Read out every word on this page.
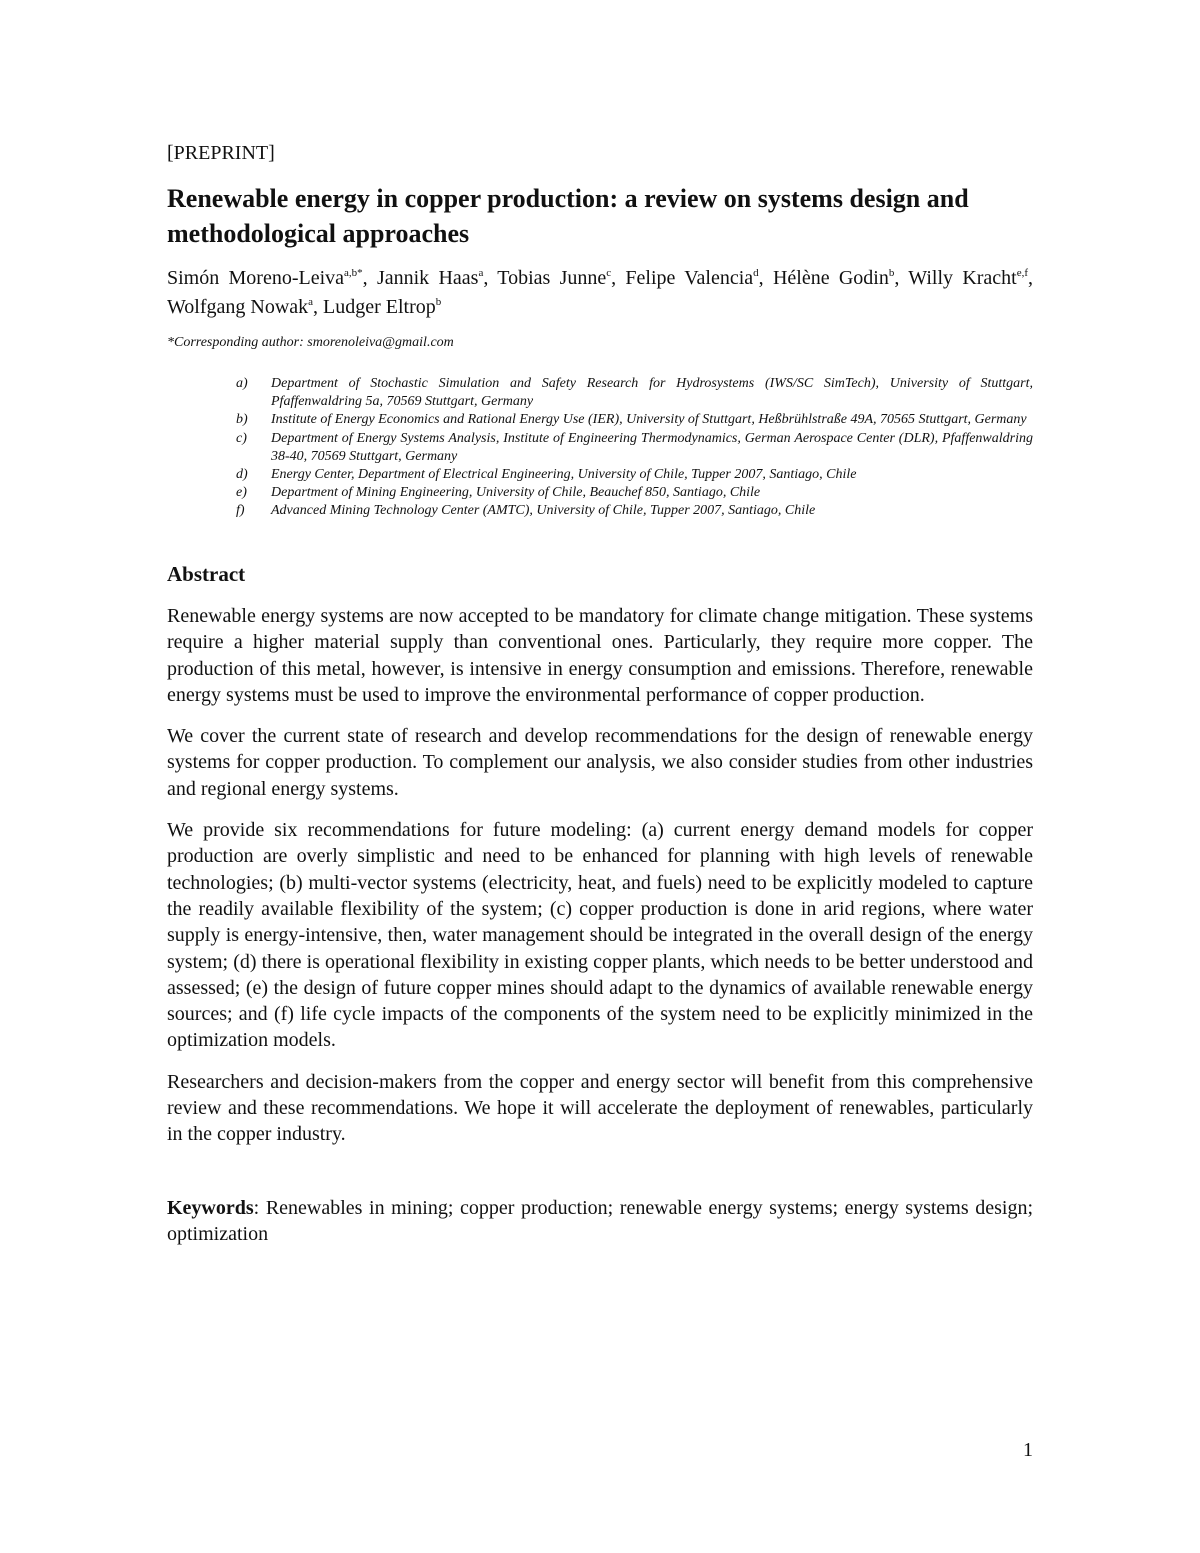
[PREPRINT]
Renewable energy in copper production: a review on systems design and methodological approaches
Simón Moreno-Leiva$^{a,b*}$, Jannik Haas$^a$, Tobias Junne$^c$, Felipe Valencia$^d$, Hélène Godin$^b$, Willy Kracht$^{e,f}$, Wolfgang Nowak$^a$, Ludger Eltrop$^b$
*Corresponding author: smorenoleiva@gmail.com
a) Department of Stochastic Simulation and Safety Research for Hydrosystems (IWS/SC SimTech), University of Stuttgart, Pfaffenwaldring 5a, 70569 Stuttgart, Germany
b) Institute of Energy Economics and Rational Energy Use (IER), University of Stuttgart, Heßbrühlstraße 49A, 70565 Stuttgart, Germany
c) Department of Energy Systems Analysis, Institute of Engineering Thermodynamics, German Aerospace Center (DLR), Pfaffenwaldring 38-40, 70569 Stuttgart, Germany
d) Energy Center, Department of Electrical Engineering, University of Chile, Tupper 2007, Santiago, Chile
e) Department of Mining Engineering, University of Chile, Beauchef 850, Santiago, Chile
f) Advanced Mining Technology Center (AMTC), University of Chile, Tupper 2007, Santiago, Chile
Abstract

Renewable energy systems are now accepted to be mandatory for climate change mitigation. These systems require a higher material supply than conventional ones. Particularly, they require more copper. The production of this metal, however, is intensive in energy consumption and emissions. Therefore, renewable energy systems must be used to improve the environmental performance of copper production.

We cover the current state of research and develop recommendations for the design of renewable energy systems for copper production. To complement our analysis, we also consider studies from other industries and regional energy systems.

We provide six recommendations for future modeling: (a) current energy demand models for copper production are overly simplistic and need to be enhanced for planning with high levels of renewable technologies; (b) multi-vector systems (electricity, heat, and fuels) need to be explicitly modeled to capture the readily available flexibility of the system; (c) copper production is done in arid regions, where water supply is energy-intensive, then, water management should be integrated in the overall design of the energy system; (d) there is operational flexibility in existing copper plants, which needs to be better understood and assessed; (e) the design of future copper mines should adapt to the dynamics of available renewable energy sources; and (f) life cycle impacts of the components of the system need to be explicitly minimized in the optimization models.

Researchers and decision-makers from the copper and energy sector will benefit from this comprehensive review and these recommendations. We hope it will accelerate the deployment of renewables, particularly in the copper industry.

Keywords: Renewables in mining; copper production; renewable energy systems; energy systems design; optimization

1
